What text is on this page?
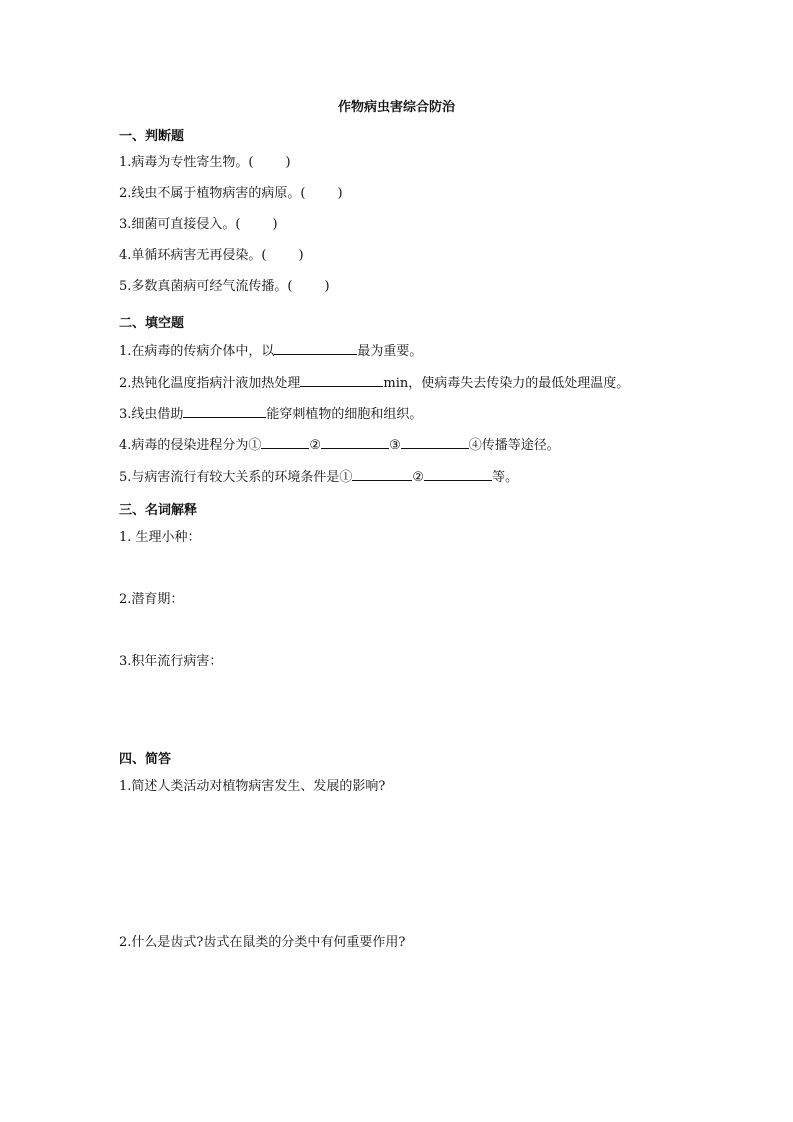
作物病虫害综合防治
一、判断题
1.病毒为专性寄生物。( )
2.线虫不属于植物病害的病原。( )
3.细菌可直接侵入。( )
4.单循环病害无再侵染。( )
5.多数真菌病可经气流传播。( )
二、填空题
1.在病毒的传病介体中，以	最为重要。
2.热钝化温度指病汁液加热处理	min，使病毒失去传染力的最低处理温度。
3.线虫借助	能穿刺植物的细胞和组织。
4.病毒的侵染进程分为①	②	③	④传播等途径。
5.与病害流行有较大关系的环境条件是①	②	等。
三、名词解释
1. 生理小种：
2.潜育期：
3.积年流行病害：
四、简答
1.简述人类活动对植物病害发生、发展的影响?
2.什么是齿式?齿式在鼠类的分类中有何重要作用?
